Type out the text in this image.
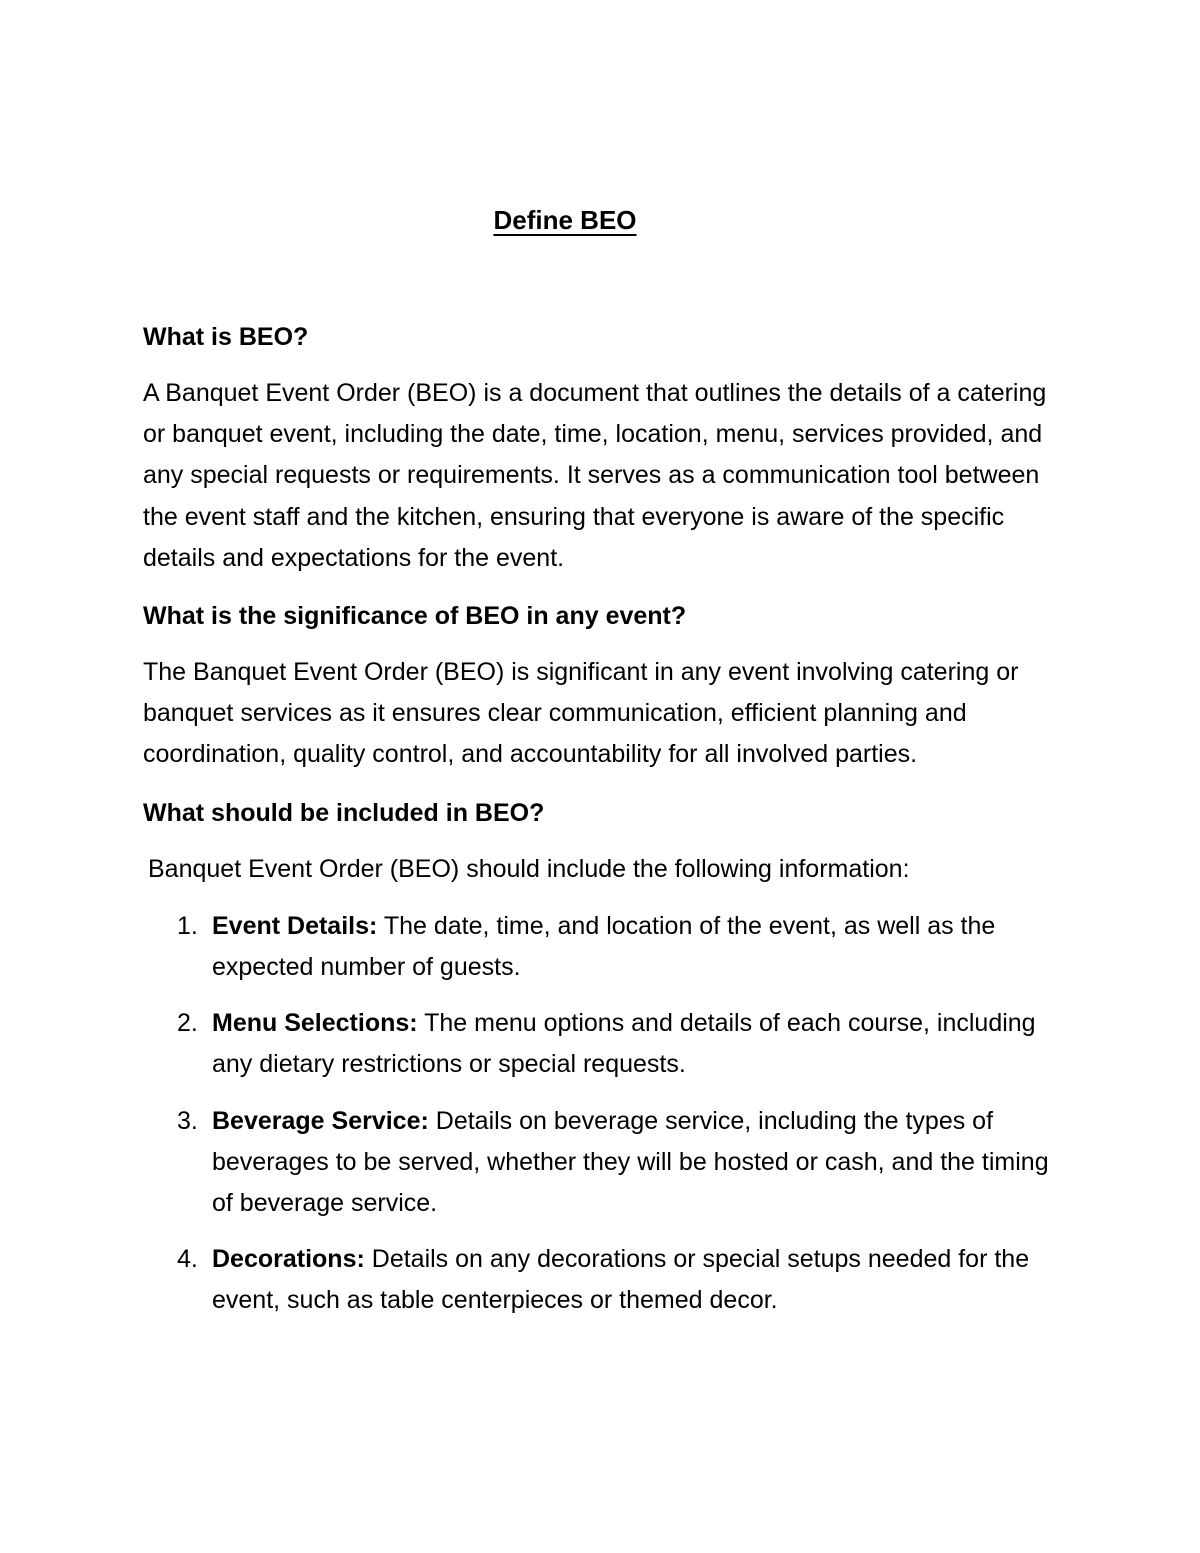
Define BEO
What is BEO?

A Banquet Event Order (BEO) is a document that outlines the details of a catering or banquet event, including the date, time, location, menu, services provided, and any special requests or requirements. It serves as a communication tool between the event staff and the kitchen, ensuring that everyone is aware of the specific details and expectations for the event.

What is the significance of BEO in any event?

The Banquet Event Order (BEO) is significant in any event involving catering or banquet services as it ensures clear communication, efficient planning and coordination, quality control, and accountability for all involved parties.

What should be included in BEO?

Banquet Event Order (BEO) should include the following information:

1. Event Details: The date, time, and location of the event, as well as the expected number of guests.
2. Menu Selections: The menu options and details of each course, including any dietary restrictions or special requests.
3. Beverage Service: Details on beverage service, including the types of beverages to be served, whether they will be hosted or cash, and the timing of beverage service.
4. Decorations: Details on any decorations or special setups needed for the event, such as table centerpieces or themed decor.
